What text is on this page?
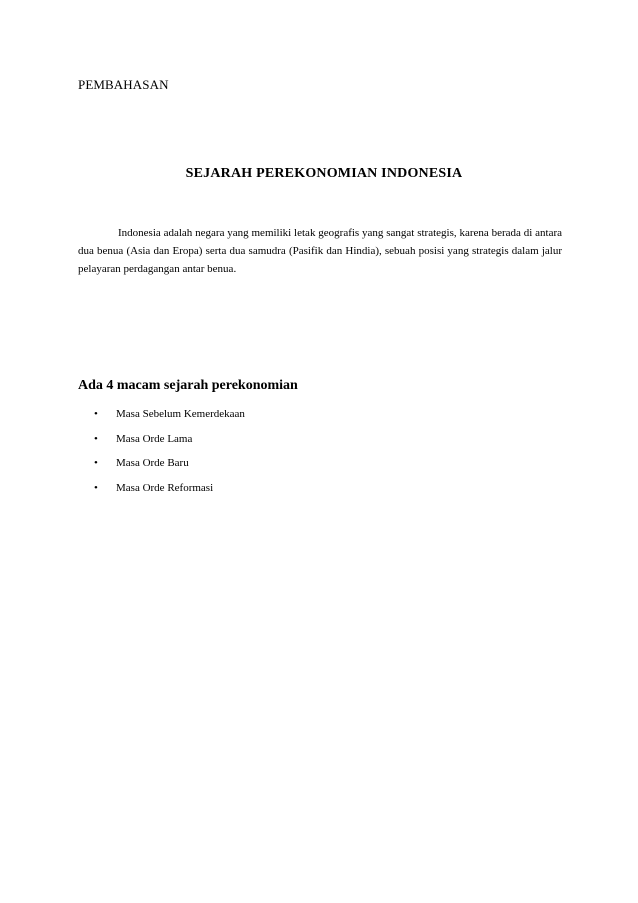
PEMBAHASAN
SEJARAH PEREKONOMIAN INDONESIA

Indonesia adalah negara yang memiliki letak geografis yang sangat strategis, karena berada di antara dua benua (Asia dan Eropa) serta dua samudra (Pasifik dan Hindia), sebuah posisi yang strategis dalam jalur pelayaran perdagangan antar benua.

Ada 4 macam sejarah perekonomian
• Masa Sebelum Kemerdekaan
• Masa Orde Lama
• Masa Orde Baru
• Masa Orde Reformasi
